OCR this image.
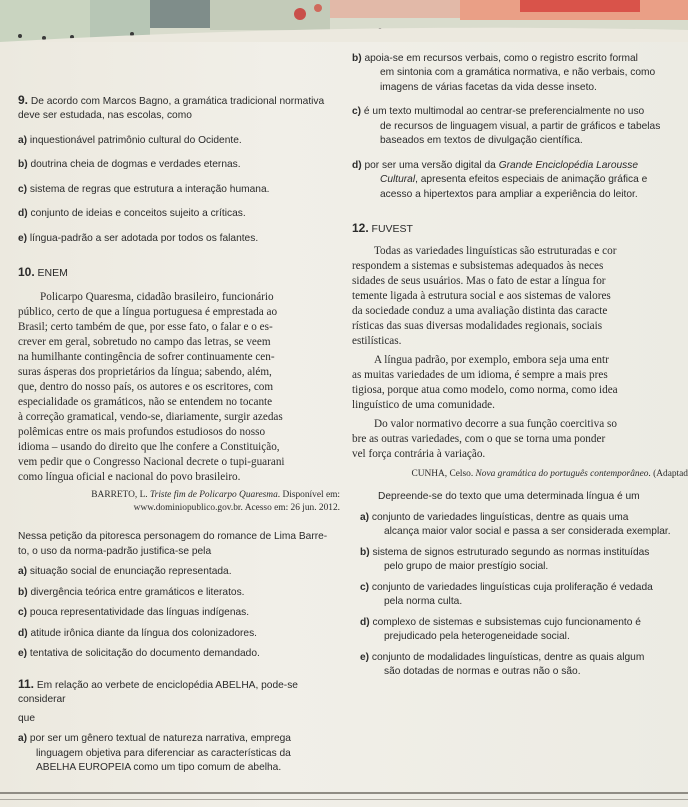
9. De acordo com Marcos Bagno, a gramática tradicional normativa

deve ser estudada, nas escolas, como

a) inquestionável patrimônio cultural do Ocidente.

b) doutrina cheia de dogmas e verdades eternas.

c) sistema de regras que estrutura a interação humana.

d) conjunto de ideias e conceitos sujeito a críticas.

e) língua-padrão a ser adotada por todos os falantes.

10. ENEM

Policarpo Quaresma, cidadão brasileiro, funcionário

público, certo de que a língua portuguesa é emprestada ao

Brasil; certo também de que, por esse fato, o falar e o es-

crever em geral, sobretudo no campo das letras, se veem

na humilhante contingência de sofrer continuamente cen-

suras ásperas dos proprietários da língua; sabendo, além,

que, dentro do nosso país, os autores e os escritores, com

especialidade os gramáticos, não se entendem no tocante

à correção gramatical, vendo-se, diariamente, surgir azedas

polêmicas entre os mais profundos estudiosos do nosso

idioma – usando do direito que lhe confere a Constituição,

vem pedir que o Congresso Nacional decrete o tupi-guarani

como língua oficial e nacional do povo brasileiro.

BARRETO, L. Triste fim de Policarpo Quaresma. Disponível em:

www.dominiopublico.gov.br. Acesso em: 26 jun. 2012.

Nessa petição da pitoresca personagem do romance de Lima Barre-

to, o uso da norma-padrão justifica-se pela

a) situação social de enunciação representada.

b) divergência teórica entre gramáticos e literatos.

c) pouca representatividade das línguas indígenas.

d) atitude irônica diante da língua dos colonizadores.

e) tentativa de solicitação do documento demandado.

11. Em relação ao verbete de enciclopédia ABELHA, pode-se considerar

que

a) por ser um gênero textual de natureza narrativa, emprega

linguagem objetiva para diferenciar as características da

ABELHA EUROPEIA como um tipo comum de abelha.

b) apoia-se em recursos verbais, como o registro escrito formal

em sintonia com a gramática normativa, e não verbais, como

imagens de várias facetas da vida desse inseto.

c) é um texto multimodal ao centrar-se preferencialmente no uso

de recursos de linguagem visual, a partir de gráficos e tabelas

baseados em textos de divulgação científica.

d) por ser uma versão digital da Grande Enciclopédia Larousse

Cultural, apresenta efeitos especiais de animação gráfica e

acesso a hipertextos para ampliar a experiência do leitor.

12. FUVEST

Todas as variedades linguísticas são estruturadas e cor

respondem a sistemas e subsistemas adequados às neces

sidades de seus usuários. Mas o fato de estar a língua for

temente ligada à estrutura social e aos sistemas de valores

da sociedade conduz a uma avaliação distinta das caracte

rísticas das suas diversas modalidades regionais, sociais

estilísticas.

A língua padrão, por exemplo, embora seja uma entr

as muitas variedades de um idioma, é sempre a mais pres

tigiosa, porque atua como modelo, como norma, como idea

linguístico de uma comunidade.

Do valor normativo decorre a sua função coercitiva so

bre as outras variedades, com o que se torna uma ponder

vel força contrária à variação.

CUNHA, Celso. Nova gramática do português contemporâneo. (Adaptad

Depreende-se do texto que uma determinada língua é um

a) conjunto de variedades linguísticas, dentre as quais uma

alcança maior valor social e passa a ser considerada exemplar.

b) sistema de signos estruturado segundo as normas instituídas

pelo grupo de maior prestígio social.

c) conjunto de variedades linguísticas cuja proliferação é vedada

pela norma culta.

d) complexo de sistemas e subsistemas cujo funcionamento é

prejudicado pela heterogeneidade social.

e) conjunto de modalidades linguísticas, dentre as quais algum

são dotadas de normas e outras não o são.
